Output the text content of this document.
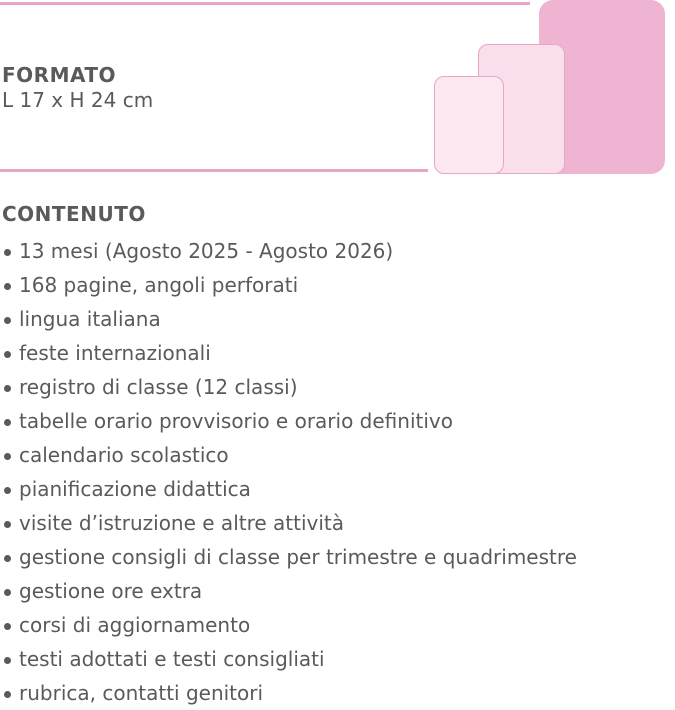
FORMATO

L 17 x H 24 cm

CONTENUTO
13 mesi (Agosto 2025 - Agosto 2026)
168 pagine, angoli perforati
lingua italiana
feste internazionali
registro di classe (12 classi)
tabelle orario provvisorio e orario definitivo
calendario scolastico
pianificazione didattica
visite d’istruzione e altre attività
gestione consigli di classe per trimestre e quadrimestre
gestione ore extra
corsi di aggiornamento
testi adottati e testi consigliati
rubrica, contatti genitori
